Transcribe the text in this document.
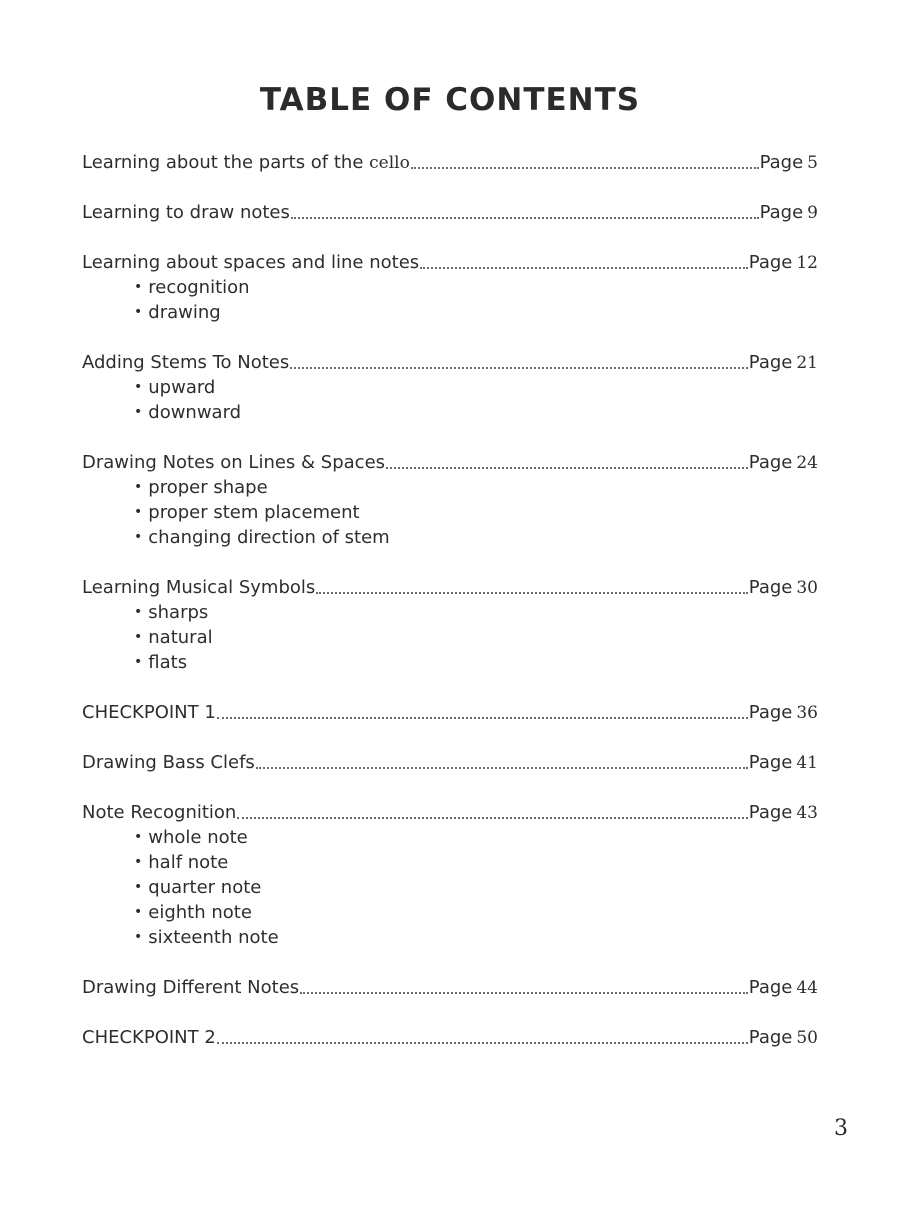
TABLE OF CONTENTS
Learning about the parts of the cello	Page 5
Learning to draw notes	Page 9
Learning about spaces and line notes	Page 12
• recognition
• drawing
Adding Stems To Notes	Page 21
• upward
• downward
Drawing Notes on Lines & Spaces	Page 24
• proper shape
• proper stem placement
• changing direction of stem
Learning Musical Symbols	Page 30
• sharps
• natural
• flats
CHECKPOINT 1	Page 36
Drawing Bass Clefs	Page 41
Note Recognition	Page 43
• whole note
• half note
• quarter note
• eighth note
• sixteenth note
Drawing Different Notes	Page 44
CHECKPOINT 2	Page 50
3
